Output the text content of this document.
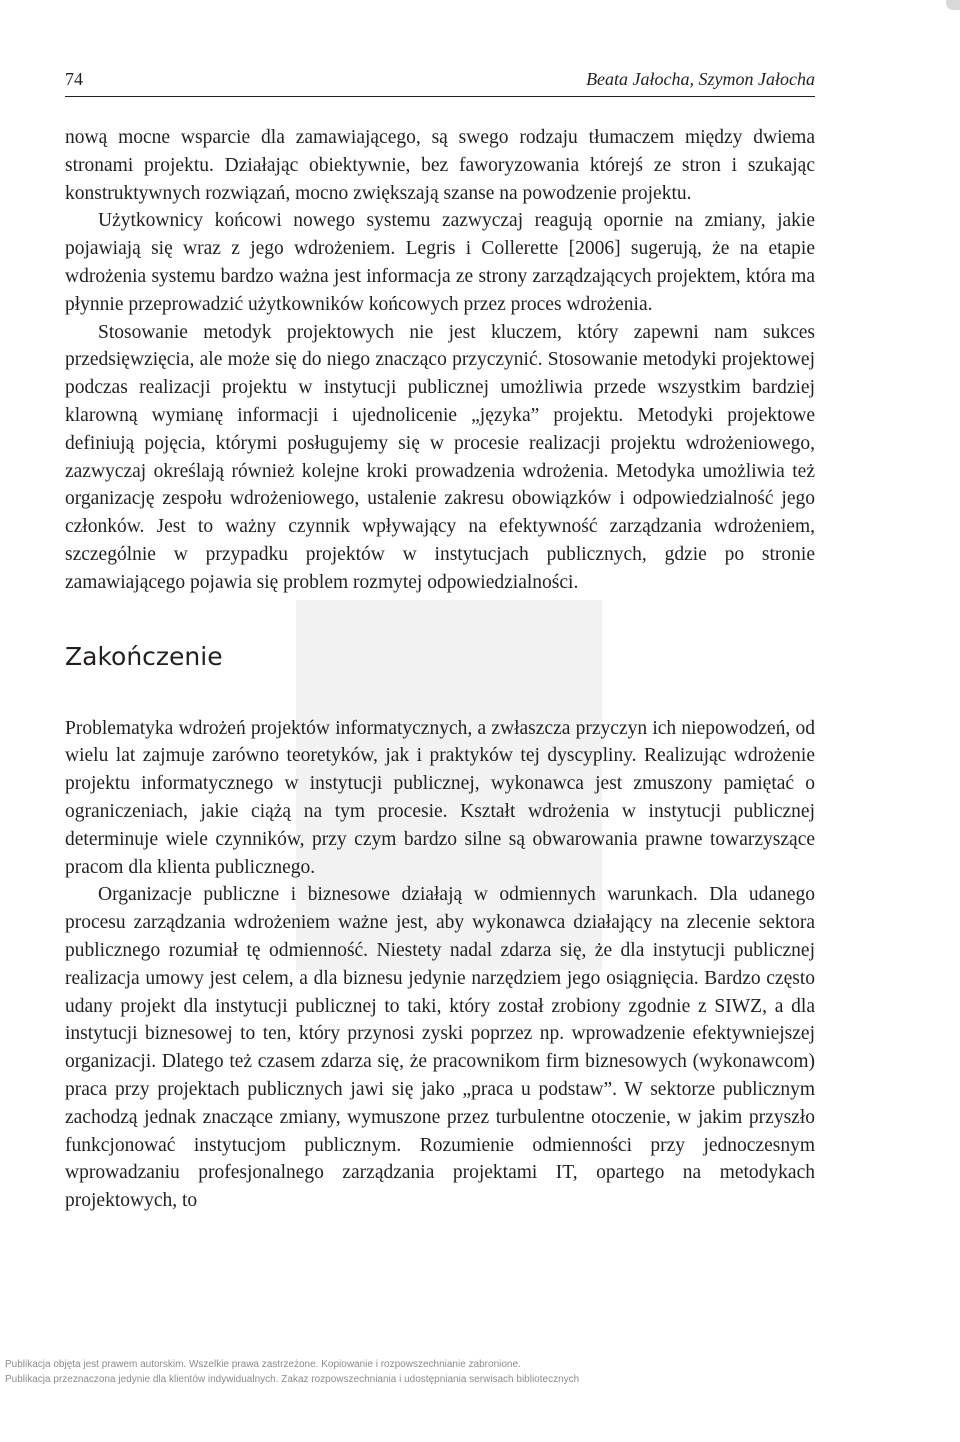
74	Beata Jałocha, Szymon Jałocha

nową mocne wsparcie dla zamawiającego, są swego rodzaju tłumaczem między dwiema stronami projektu. Działając obiektywnie, bez faworyzowania którejś ze stron i szukając konstruktywnych rozwiązań, mocno zwiększają szanse na powodzenie projektu.

Użytkownicy końcowi nowego systemu zazwyczaj reagują opornie na zmiany, jakie pojawiają się wraz z jego wdrożeniem. Legris i Collerette [2006] sugerują, że na etapie wdrożenia systemu bardzo ważna jest informacja ze strony zarządzających projektem, która ma płynnie przeprowadzić użytkowników końcowych przez proces wdrożenia.

Stosowanie metodyk projektowych nie jest kluczem, który zapewni nam sukces przedsięwzięcia, ale może się do niego znacząco przyczynić. Stosowanie metodyki projektowej podczas realizacji projektu w instytucji publicznej umożliwia przede wszystkim bardziej klarowną wymianę informacji i ujednolicenie „języka” projektu. Metodyki projektowe definiują pojęcia, którymi posługujemy się w procesie realizacji projektu wdrożeniowego, zazwyczaj określają również kolejne kroki prowadzenia wdrożenia. Metodyka umożliwia też organizację zespołu wdrożeniowego, ustalenie zakresu obowiązków i odpowiedzialność jego członków. Jest to ważny czynnik wpływający na efektywność zarządzania wdrożeniem, szczególnie w przypadku projektów w instytucjach publicznych, gdzie po stronie zamawiającego pojawia się problem rozmytej odpowiedzialności.

Zakończenie

Problematyka wdrożeń projektów informatycznych, a zwłaszcza przyczyn ich niepowodzeń, od wielu lat zajmuje zarówno teoretyków, jak i praktyków tej dyscypliny. Realizując wdrożenie projektu informatycznego w instytucji publicznej, wykonawca jest zmuszony pamiętać o ograniczeniach, jakie ciążą na tym procesie. Kształt wdrożenia w instytucji publicznej determinuje wiele czynników, przy czym bardzo silne są obwarowania prawne towarzyszące pracom dla klienta publicznego.

Organizacje publiczne i biznesowe działają w odmiennych warunkach. Dla udanego procesu zarządzania wdrożeniem ważne jest, aby wykonawca działający na zlecenie sektora publicznego rozumiał tę odmienność. Niestety nadal zdarza się, że dla instytucji publicznej realizacja umowy jest celem, a dla biznesu jedynie narzędziem jego osiągnięcia. Bardzo często udany projekt dla instytucji publicznej to taki, który został zrobiony zgodnie z SIWZ, a dla instytucji biznesowej to ten, który przynosi zyski poprzez np. wprowadzenie efektywniejszej organizacji. Dlatego też czasem zdarza się, że pracownikom firm biznesowych (wykonawcom) praca przy projektach publicznych jawi się jako „praca u podstaw”. W sektorze publicznym zachodzą jednak znaczące zmiany, wymuszone przez turbulentne otoczenie, w jakim przyszło funkcjonować instytucjom publicznym. Rozumienie odmienności przy jednoczesnym wprowadzaniu profesjonalnego zarządzania projektami IT, opartego na metodykach projektowych, to

Publikacja objęta jest prawem autorskim. Wszelkie prawa zastrzeżone. Kopiowanie i rozpowszechnianie zabronione.
Publikacja przeznaczona jedynie dla klientów indywidualnych. Zakaz rozpowszechniania i udostępniania serwisach bibliotecznych
